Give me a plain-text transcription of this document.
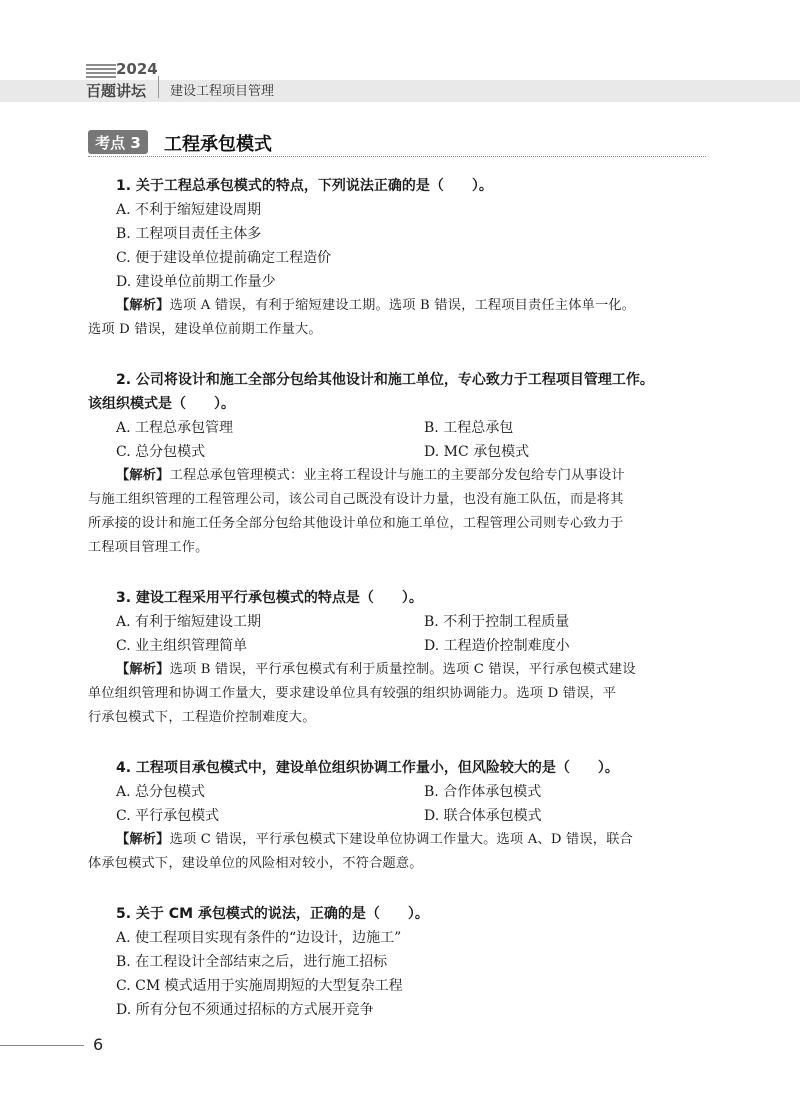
2024
百题讲坛 建设工程项目管理
考点 3	工程承包模式
1. 关于工程总承包模式的特点，下列说法正确的是（　　）。
A. 不利于缩短建设周期
B. 工程项目责任主体多
C. 便于建设单位提前确定工程造价
D. 建设单位前期工作量少
【解析】选项 A 错误，有利于缩短建设工期。选项 B 错误，工程项目责任主体单一化。
选项 D 错误，建设单位前期工作量大。
2. 公司将设计和施工全部分包给其他设计和施工单位，专心致力于工程项目管理工作。
该组织模式是（　　）。
A. 工程总承包管理	B. 工程总承包
C. 总分包模式	D. MC 承包模式
【解析】工程总承包管理模式：业主将工程设计与施工的主要部分发包给专门从事设计
与施工组织管理的工程管理公司，该公司自己既没有设计力量，也没有施工队伍，而是将其
所承接的设计和施工任务全部分包给其他设计单位和施工单位，工程管理公司则专心致力于
工程项目管理工作。
3. 建设工程采用平行承包模式的特点是（　　）。
A. 有利于缩短建设工期	B. 不利于控制工程质量
C. 业主组织管理简单	D. 工程造价控制难度小
【解析】选项 B 错误，平行承包模式有利于质量控制。选项 C 错误，平行承包模式建设
单位组织管理和协调工作量大，要求建设单位具有较强的组织协调能力。选项 D 错误，平
行承包模式下，工程造价控制难度大。
4. 工程项目承包模式中，建设单位组织协调工作量小，但风险较大的是（　　）。
A. 总分包模式	B. 合作体承包模式
C. 平行承包模式	D. 联合体承包模式
【解析】选项 C 错误，平行承包模式下建设单位协调工作量大。选项 A、D 错误，联合
体承包模式下，建设单位的风险相对较小，不符合题意。
5. 关于 CM 承包模式的说法，正确的是（　　）。
A. 使工程项目实现有条件的“边设计，边施工”
B. 在工程设计全部结束之后，进行施工招标
C. CM 模式适用于实施周期短的大型复杂工程
D. 所有分包不须通过招标的方式展开竞争
6
